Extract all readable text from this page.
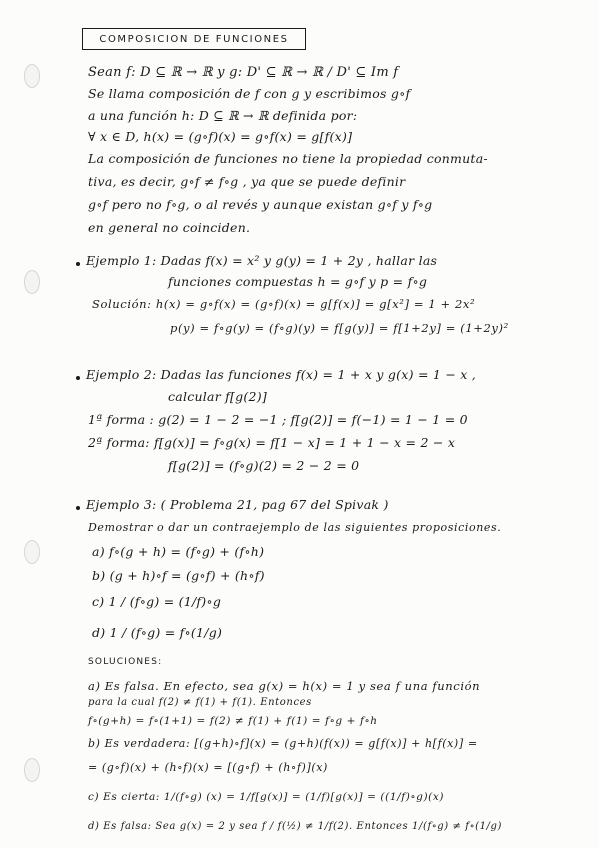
COMPOSICION DE FUNCIONES
Sean f: D ⊆ ℝ → ℝ y g: D' ⊆ ℝ → ℝ / D' ⊆ Im f
Se llama composición de f con g y escribimos g∘f
a una función h: D ⊆ ℝ → ℝ definida por:
∀ x ∈ D, h(x) = (g∘f)(x) = g∘f(x) = g[f(x)]
La composición de funciones no tiene la propiedad conmuta-
tiva, es decir, g∘f ≠ f∘g , ya que se puede definir
g∘f pero no f∘g, o al revés y aunque existan g∘f y f∘g
en general no coinciden.
Ejemplo 1: Dadas f(x) = x² y g(y) = 1 + 2y , hallar las
funciones compuestas h = g∘f y p = f∘g
Solución: h(x) = g∘f(x) = (g∘f)(x) = g[f(x)] = g[x²] = 1 + 2x²
p(y) = f∘g(y) = (f∘g)(y) = f[g(y)] = f[1+2y] = (1+2y)²
Ejemplo 2: Dadas las funciones f(x) = 1 + x y g(x) = 1 − x ,
calcular f[g(2)]
1ª forma : g(2) = 1 − 2 = −1 ; f[g(2)] = f(−1) = 1 − 1 = 0
2ª forma: f[g(x)] = f∘g(x) = f[1 − x] = 1 + 1 − x = 2 − x
f[g(2)] = (f∘g)(2) = 2 − 2 = 0
Ejemplo 3: ( Problema 21, pag 67 del Spivak )
Demostrar o dar un contraejemplo de las siguientes proposiciones.
a) f∘(g + h) = (f∘g) + (f∘h)
b) (g + h)∘f = (g∘f) + (h∘f)
c) 1 / (f∘g) = (1/f)∘g
d) 1 / (f∘g) = f∘(1/g)
SOLUCIONES:
a) Es falsa. En efecto, sea g(x) = h(x) = 1 y sea f una función
para la cual f(2) ≠ f(1) + f(1). Entonces
f∘(g+h) = f∘(1+1) = f(2) ≠ f(1) + f(1) = f∘g + f∘h
b) Es verdadera: [(g+h)∘f](x) = (g+h)(f(x)) = g[f(x)] + h[f(x)] =
= (g∘f)(x) + (h∘f)(x) = [(g∘f) + (h∘f)](x)
c) Es cierta: 1/(f∘g) (x) = 1/f[g(x)] = (1/f)[g(x)] = ((1/f)∘g)(x)
d) Es falsa: Sea g(x) = 2 y sea f / f(½) ≠ 1/f(2). Entonces 1/(f∘g) ≠ f∘(1/g)
